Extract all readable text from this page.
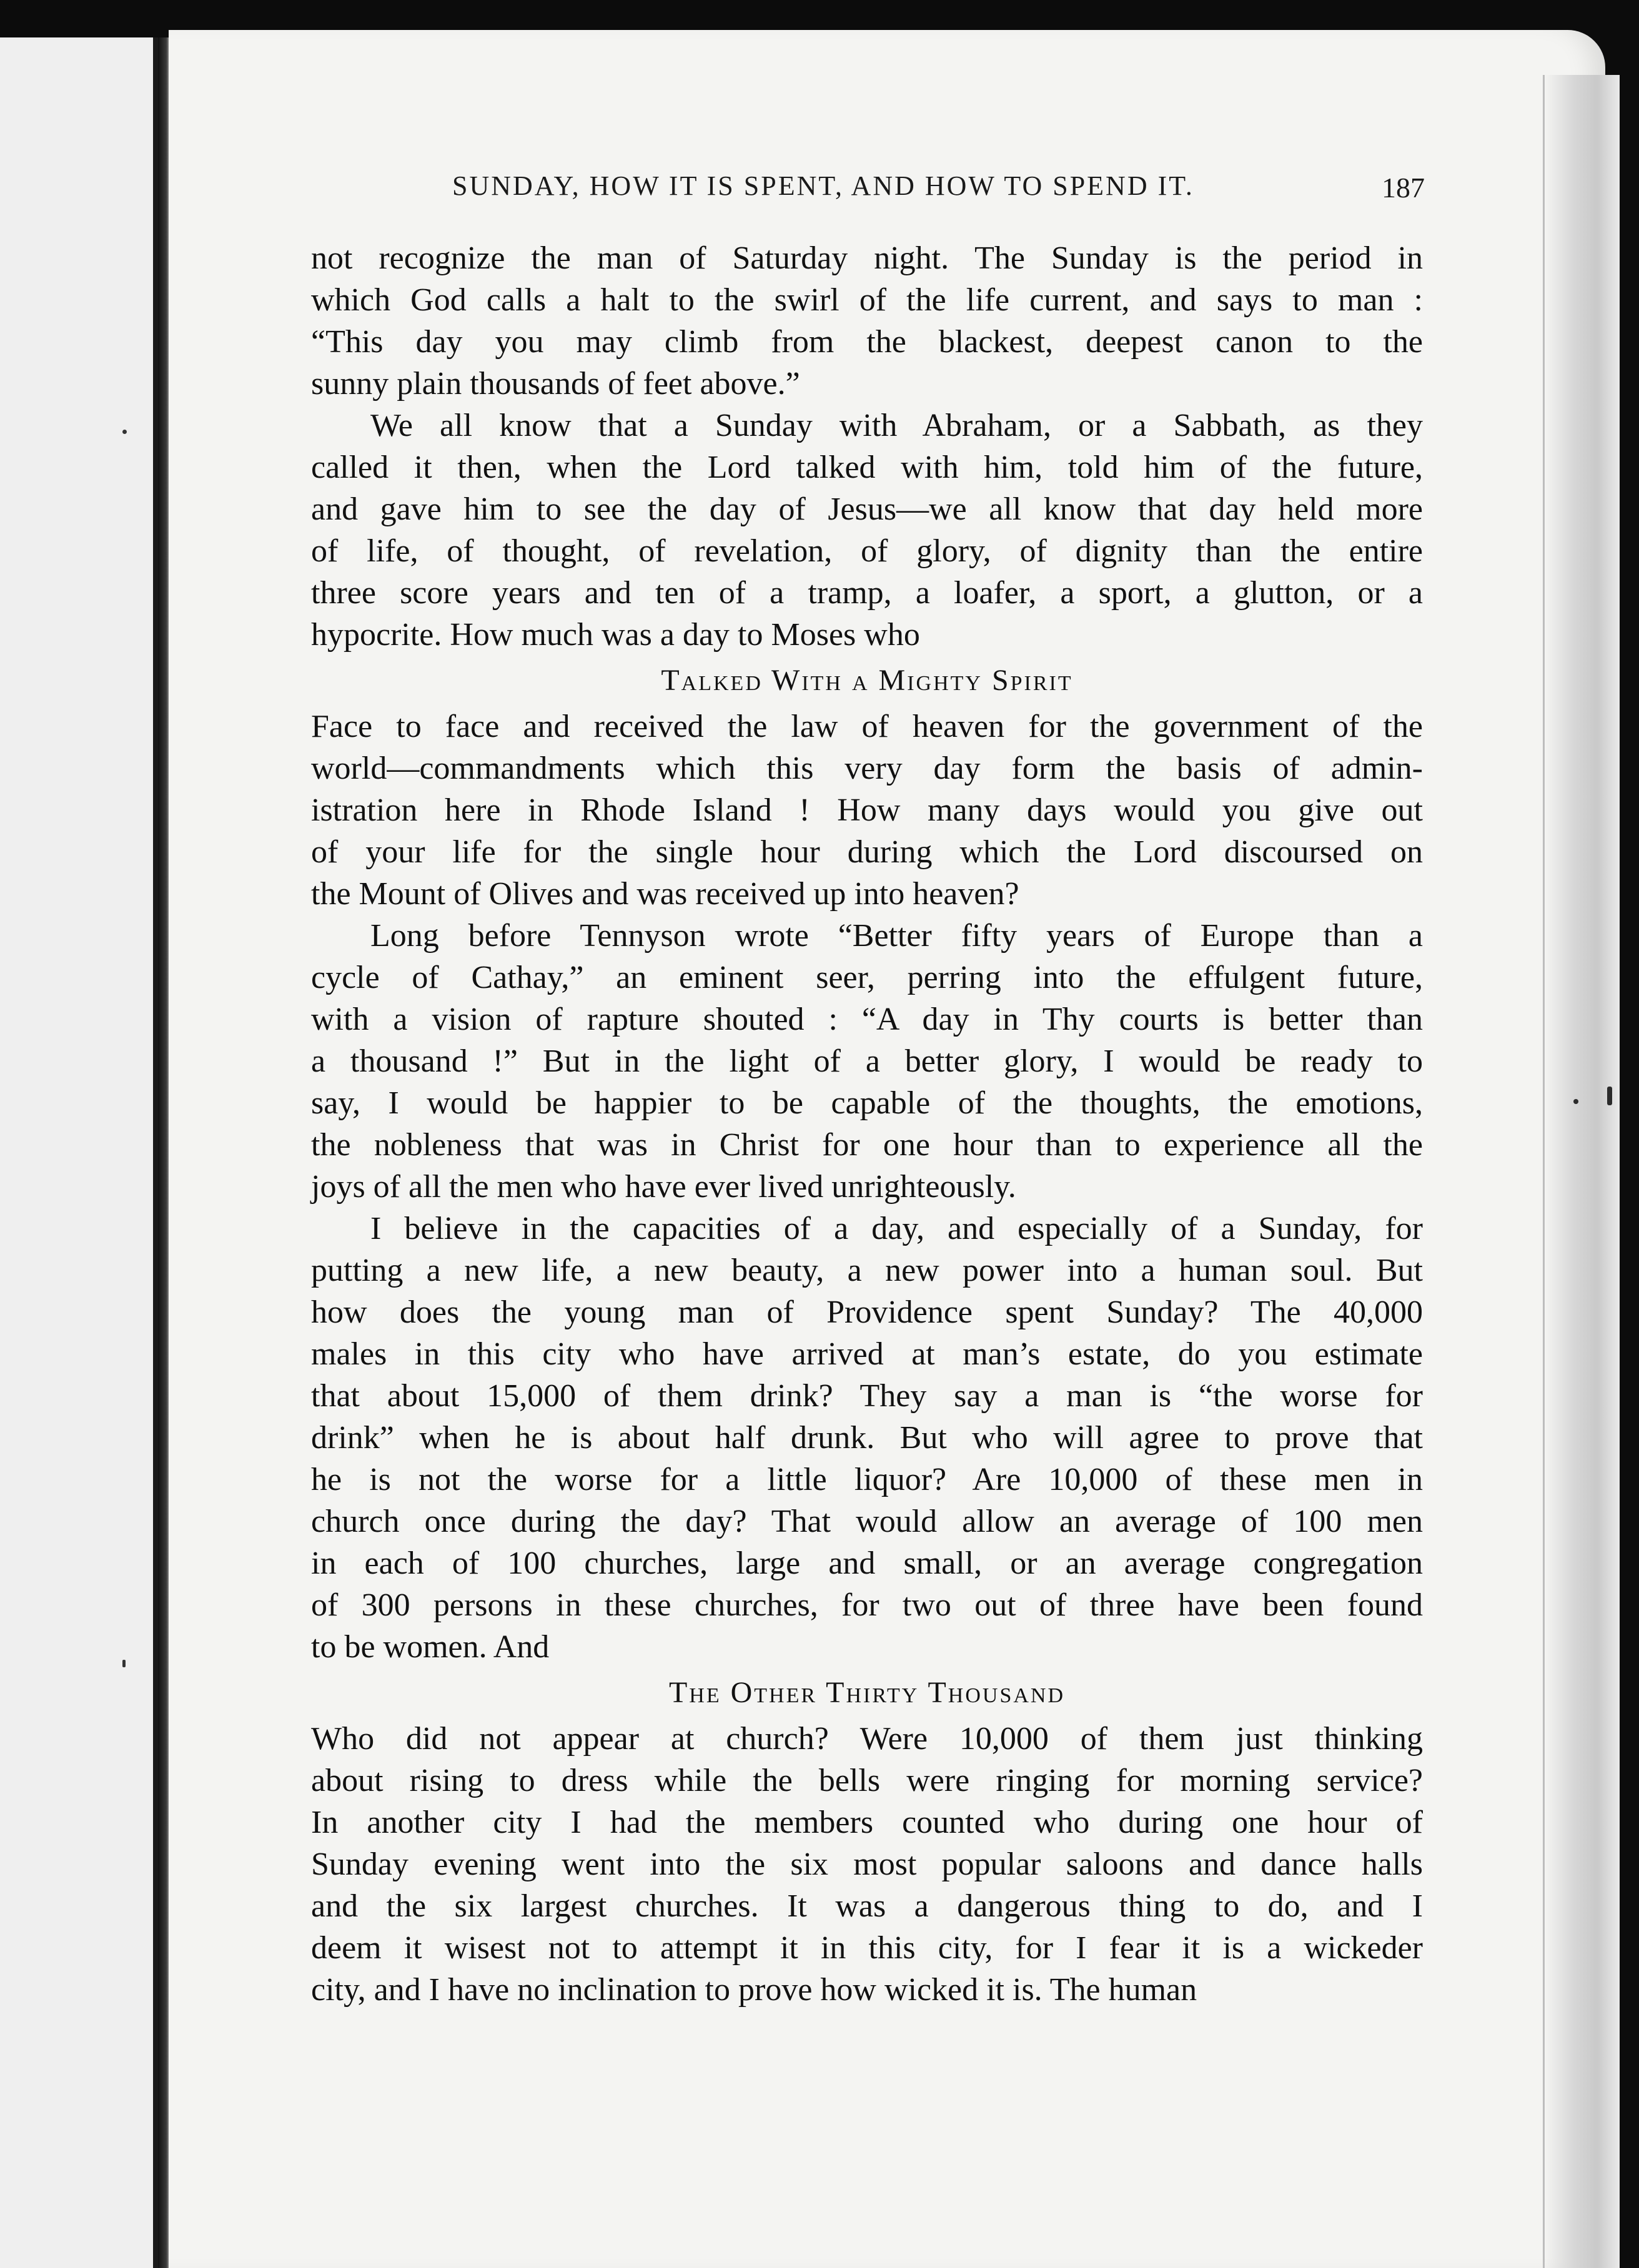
SUNDAY, HOW IT IS SPENT, AND HOW TO SPEND IT.	187
not recognize the man of Saturday night. The Sunday is the period in
which God calls a halt to the swirl of the life current, and says to man :
“This day you may climb from the blackest, deepest canon to the
sunny plain thousands of feet above.”
We all know that a Sunday with Abraham, or a Sabbath, as they
called it then, when the Lord talked with him, told him of the future,
and gave him to see the day of Jesus—we all know that day held more
of life, of thought, of revelation, of glory, of dignity than the entire
three score years and ten of a tramp, a loafer, a sport, a glutton, or a
hypocrite. How much was a day to Moses who
Talked With a Mighty Spirit
Face to face and received the law of heaven for the government of the
world—commandments which this very day form the basis of admin-
istration here in Rhode Island ! How many days would you give out
of your life for the single hour during which the Lord discoursed on
the Mount of Olives and was received up into heaven?
Long before Tennyson wrote “Better fifty years of Europe than a
cycle of Cathay,” an eminent seer, perring into the effulgent future,
with a vision of rapture shouted : “A day in Thy courts is better than
a thousand !” But in the light of a better glory, I would be ready to
say, I would be happier to be capable of the thoughts, the emotions,
the nobleness that was in Christ for one hour than to experience all the
joys of all the men who have ever lived unrighteously.
I believe in the capacities of a day, and especially of a Sunday, for
putting a new life, a new beauty, a new power into a human soul. But
how does the young man of Providence spent Sunday? The 40,000
males in this city who have arrived at man’s estate, do you estimate
that about 15,000 of them drink? They say a man is “the worse for
drink” when he is about half drunk. But who will agree to prove that
he is not the worse for a little liquor? Are 10,000 of these men in
church once during the day? That would allow an average of 100 men
in each of 100 churches, large and small, or an average congregation
of 300 persons in these churches, for two out of three have been found
to be women. And
The Other Thirty Thousand
Who did not appear at church? Were 10,000 of them just thinking
about rising to dress while the bells were ringing for morning service?
In another city I had the members counted who during one hour of
Sunday evening went into the six most popular saloons and dance halls
and the six largest churches. It was a dangerous thing to do, and I
deem it wisest not to attempt it in this city, for I fear it is a wickeder
city, and I have no inclination to prove how wicked it is. The human
